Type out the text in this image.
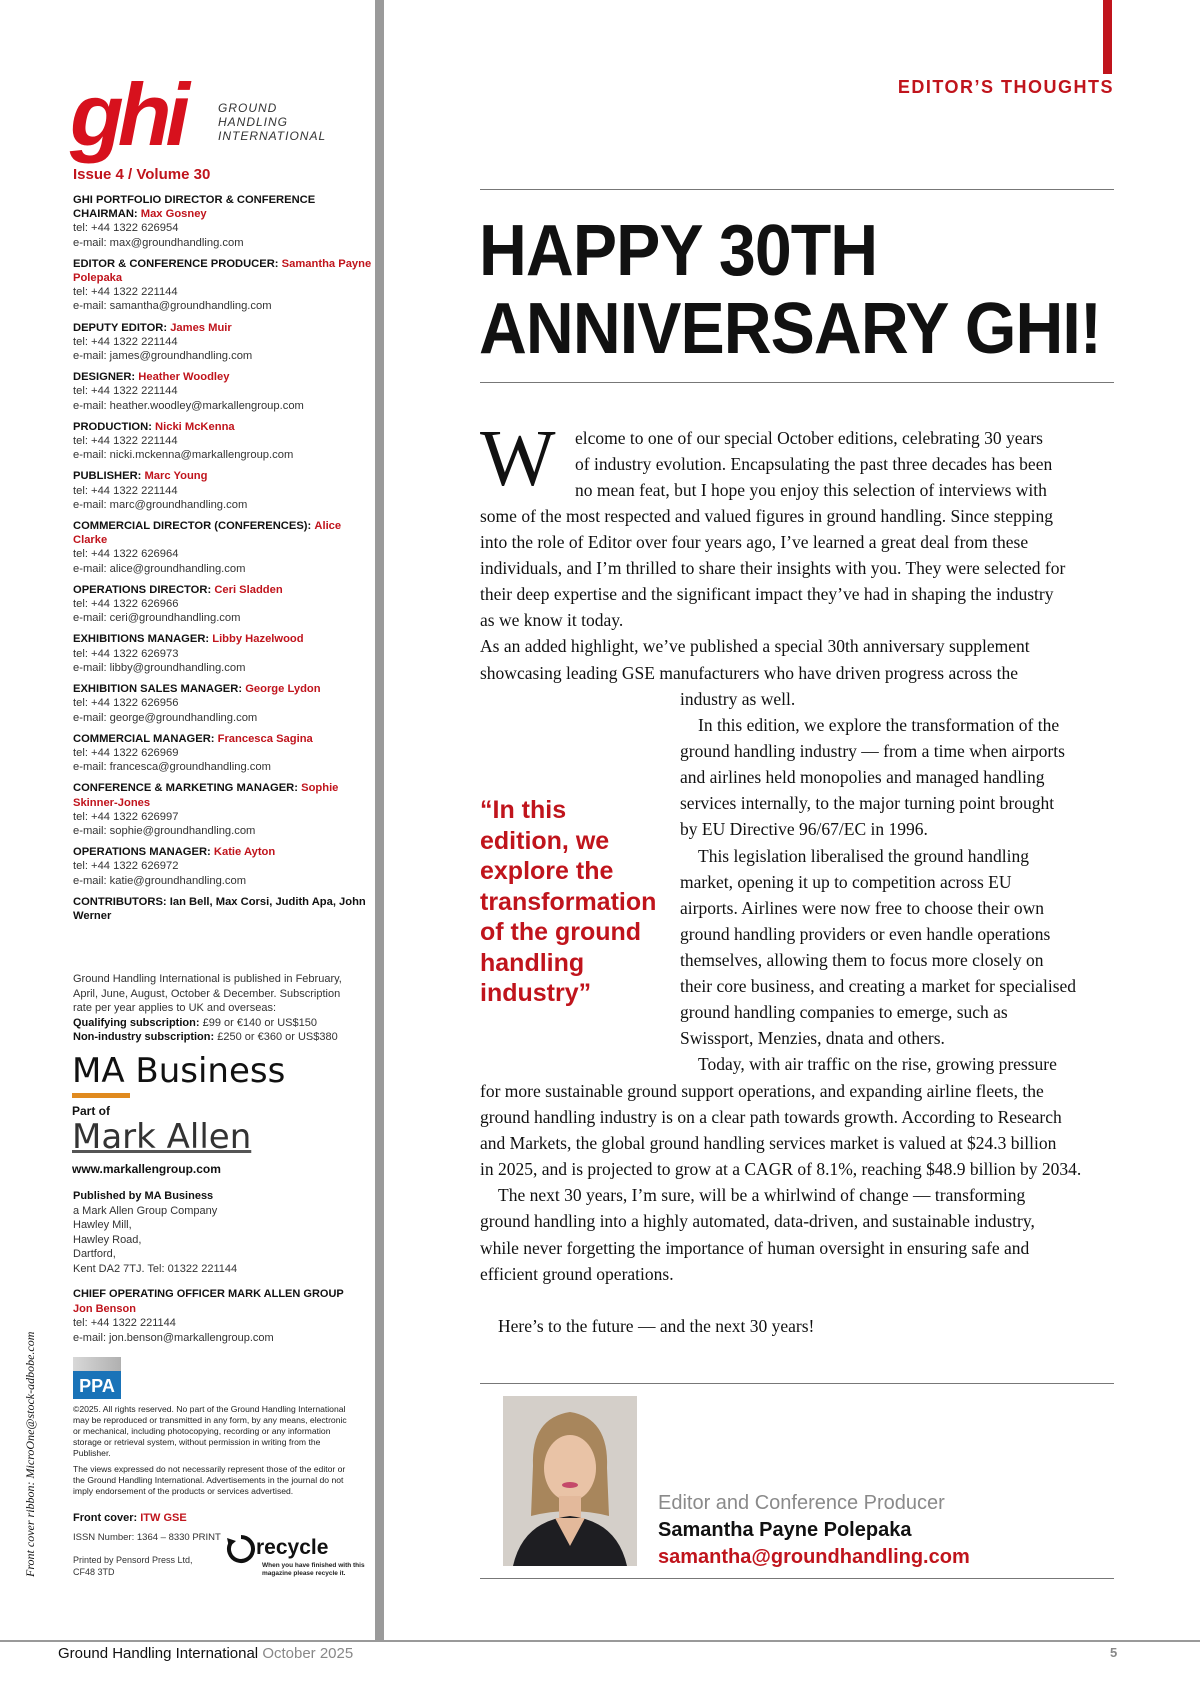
ghi	GROUND
HANDLING
INTERNATIONAL
Issue 4 / Volume 30
GHI PORTFOLIO DIRECTOR & CONFERENCE CHAIRMAN: Max Gosney
tel: +44 1322 626954
e-mail: max@groundhandling.com
EDITOR & CONFERENCE PRODUCER: Samantha Payne Polepaka
tel: +44 1322 221144
e-mail: samantha@groundhandling.com
DEPUTY EDITOR: James Muir
tel: +44 1322 221144
e-mail: james@groundhandling.com
DESIGNER: Heather Woodley
tel: +44 1322 221144
e-mail: heather.woodley@markallengroup.com
PRODUCTION: Nicki McKenna
tel: +44 1322 221144
e-mail: nicki.mckenna@markallengroup.com
PUBLISHER: Marc Young
tel: +44 1322 221144
e-mail: marc@groundhandling.com
COMMERCIAL DIRECTOR (CONFERENCES): Alice Clarke
tel: +44 1322 626964
e-mail: alice@groundhandling.com
OPERATIONS DIRECTOR: Ceri Sladden
tel: +44 1322 626966
e-mail: ceri@groundhandling.com
EXHIBITIONS MANAGER: Libby Hazelwood
tel: +44 1322 626973
e-mail: libby@groundhandling.com
EXHIBITION SALES MANAGER: George Lydon
tel: +44 1322 626956
e-mail: george@groundhandling.com
COMMERCIAL MANAGER: Francesca Sagina
tel: +44 1322 626969
e-mail: francesca@groundhandling.com
CONFERENCE & MARKETING MANAGER: Sophie Skinner-Jones
tel: +44 1322 626997
e-mail: sophie@groundhandling.com
OPERATIONS MANAGER: Katie Ayton
tel: +44 1322 626972
e-mail: katie@groundhandling.com
CONTRIBUTORS: Ian Bell, Max Corsi, Judith Apa, John Werner
Ground Handling International is published in February, April, June, August, October & December. Subscription rate per year applies to UK and overseas:
Qualifying subscription: £99 or €140 or US$150
Non-industry subscription: £250 or €360 or US$380
MA Business
Part of
Mark Allen
www.markallengroup.com
Published by MA Business
a Mark Allen Group Company
Hawley Mill,
Hawley Road,
Dartford,
Kent DA2 7TJ. Tel: 01322 221144
CHIEF OPERATING OFFICER MARK ALLEN GROUP
Jon Benson
tel: +44 1322 221144
e-mail: jon.benson@markallengroup.com
PPA

©2025. All rights reserved. No part of the Ground Handling International may be reproduced or transmitted in any form, by any means, electronic or mechanical, including photocopying, recording or any information storage or retrieval system, without permission in writing from the Publisher.

The views expressed do not necessarily represent those of the editor or the Ground Handling International. Advertisements in the journal do not imply endorsement of the products or services advertised.

Front cover: ITW GSE
ISSN Number: 1364 – 8330 PRINT
Printed by Pensord Press Ltd, CF48 3TD
recycle
When you have finished with this magazine please recycle it.
Front cover ribbon: MicroOne@stock-adbobe.com
EDITOR’S THOUGHTS
HAPPY 30TH
ANNIVERSARY GHI!
W elcome to one of our special October editions, celebrating 30 years
of industry evolution. Encapsulating the past three decades has been
no mean feat, but I hope you enjoy this selection of interviews with
some of the most respected and valued figures in ground handling. Since stepping
into the role of Editor over four years ago, I’ve learned a great deal from these
individuals, and I’m thrilled to share their insights with you. They were selected for
their deep expertise and the significant impact they’ve had in shaping the industry
as we know it today.
As an added highlight, we’ve published a special 30th anniversary supplement
showcasing leading GSE manufacturers who have driven progress across the
“In this edition, we explore the transformation of the ground handling industry”
industry as well.
In this edition, we explore the transformation of the
ground handling industry — from a time when airports
and airlines held monopolies and managed handling
services internally, to the major turning point brought
by EU Directive 96/67/EC in 1996.
This legislation liberalised the ground handling
market, opening it up to competition across EU
airports. Airlines were now free to choose their own
ground handling providers or even handle operations
themselves, allowing them to focus more closely on
their core business, and creating a market for specialised
ground handling companies to emerge, such as
Swissport, Menzies, dnata and others.
Today, with air traffic on the rise, growing pressure
for more sustainable ground support operations, and expanding airline fleets, the
ground handling industry is on a clear path towards growth. According to Research
and Markets, the global ground handling services market is valued at $24.3 billion
in 2025, and is projected to grow at a CAGR of 8.1%, reaching $48.9 billion by 2034.
The next 30 years, I’m sure, will be a whirlwind of change — transforming
ground handling into a highly automated, data-driven, and sustainable industry,
while never forgetting the importance of human oversight in ensuring safe and
efficient ground operations.
Here’s to the future — and the next 30 years!
Editor and Conference Producer
Samantha Payne Polepaka
samantha@groundhandling.com
Ground Handling International October 2025	5
